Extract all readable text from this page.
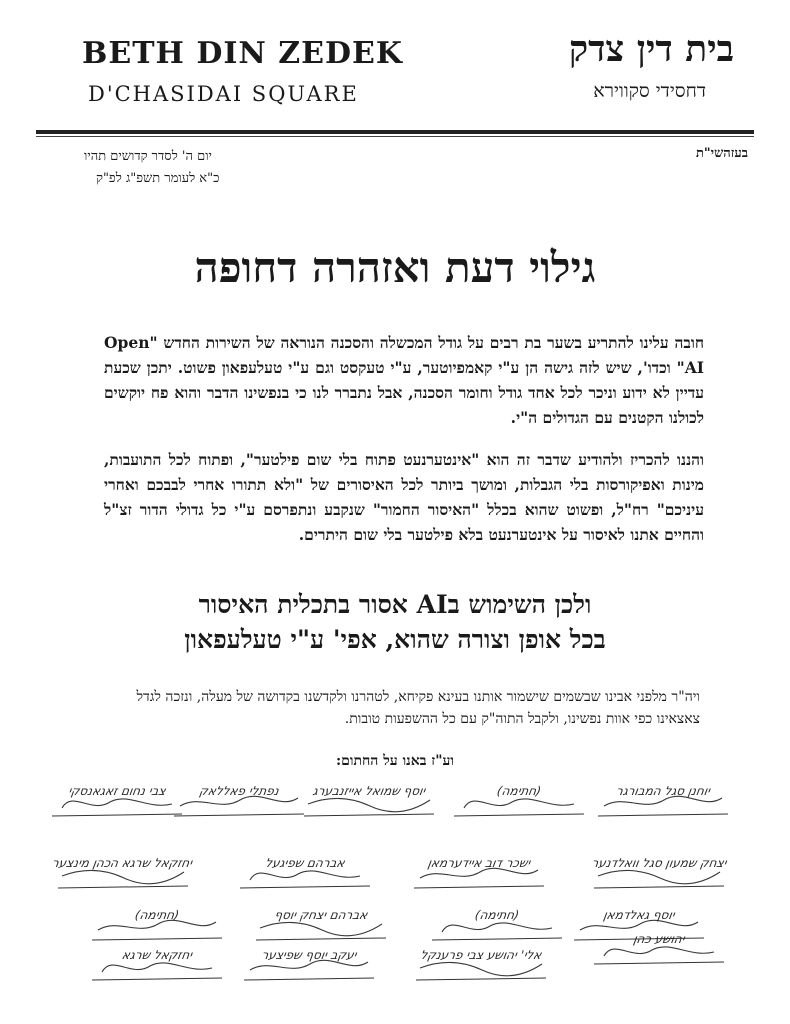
BETH DIN ZEDEK
D'CHASIDAI SQUARE
בית דין צדק
דחסידי סקווירא
בעזהשי"ת
יום ה' לסדר קדושים תהיו
כ"א לעומר תשפ"ג לפ"ק
גילוי דעת ואזהרה דחופה
חובה עלינו להתריע בשער בת רבים על גודל המכשלה והסכנה הנוראה של השירות החדש "Open AI" וכדו', שיש לזה גישה הן ע"י קאמפיוטער, ע"י טעקסט וגם ע"י טעלעפאון פשוט. יתכן שכעת עדיין לא ידוע וניכר לכל אחד גודל וחומר הסכנה, אבל נתברר לנו כי בנפשינו הדבר והוא פח יוקשים לכולנו הקטנים עם הגדולים ה"י.
והננו להכריז ולהודיע שדבר זה הוא "אינטערנעט פתוח בלי שום פילטער", ופתוח לכל התועבות, מינות ואפיקורסות בלי הגבלות, ומושך ביותר לכל האיסורים של "ולא תתורו אחרי לבבכם ואחרי עיניכם" רח"ל, ופשוט שהוא בכלל "האיסור החמור" שנקבע ונתפרסם ע"י כל גדולי הדור זצ"ל והחיים אתנו לאיסור על אינטערנעט בלא פילטער בלי שום היתרים.
ולכן השימוש בAI אסור בתכלית האיסור
בכל אופן וצורה שהוא, אפי' ע"י טעלעפאון
ויה"ר מלפני אבינו שבשמים שישמור אותנו בעינא פקיחא, לטהרנו ולקדשנו בקדושה של מעלה, ונזכה לגדל צאצאינו כפי אוות נפשינו, ולקבל התוה"ק עם כל ההשפעות טובות.
וע"ז באנו על החתום:
יוחנן סגל המבורגר
(חתימה)
יוסף שמואל אייזנבערג
נפתלי פאללאק
צבי נחום זאגאנסקי
יצחק שמעון סגל וואלדנער
ישכר דוב איידערמאן
אברהם שפיגעל
יחזקאל שרגא הכהן מינצער
יוסף גאלדמאן
(חתימה)
אברהם יצחק יוסף
(חתימה)
יהושע כהן
אלי' יהושע צבי פרענקל
יעקב יוסף שפיצער
יחזקאל שרגא
